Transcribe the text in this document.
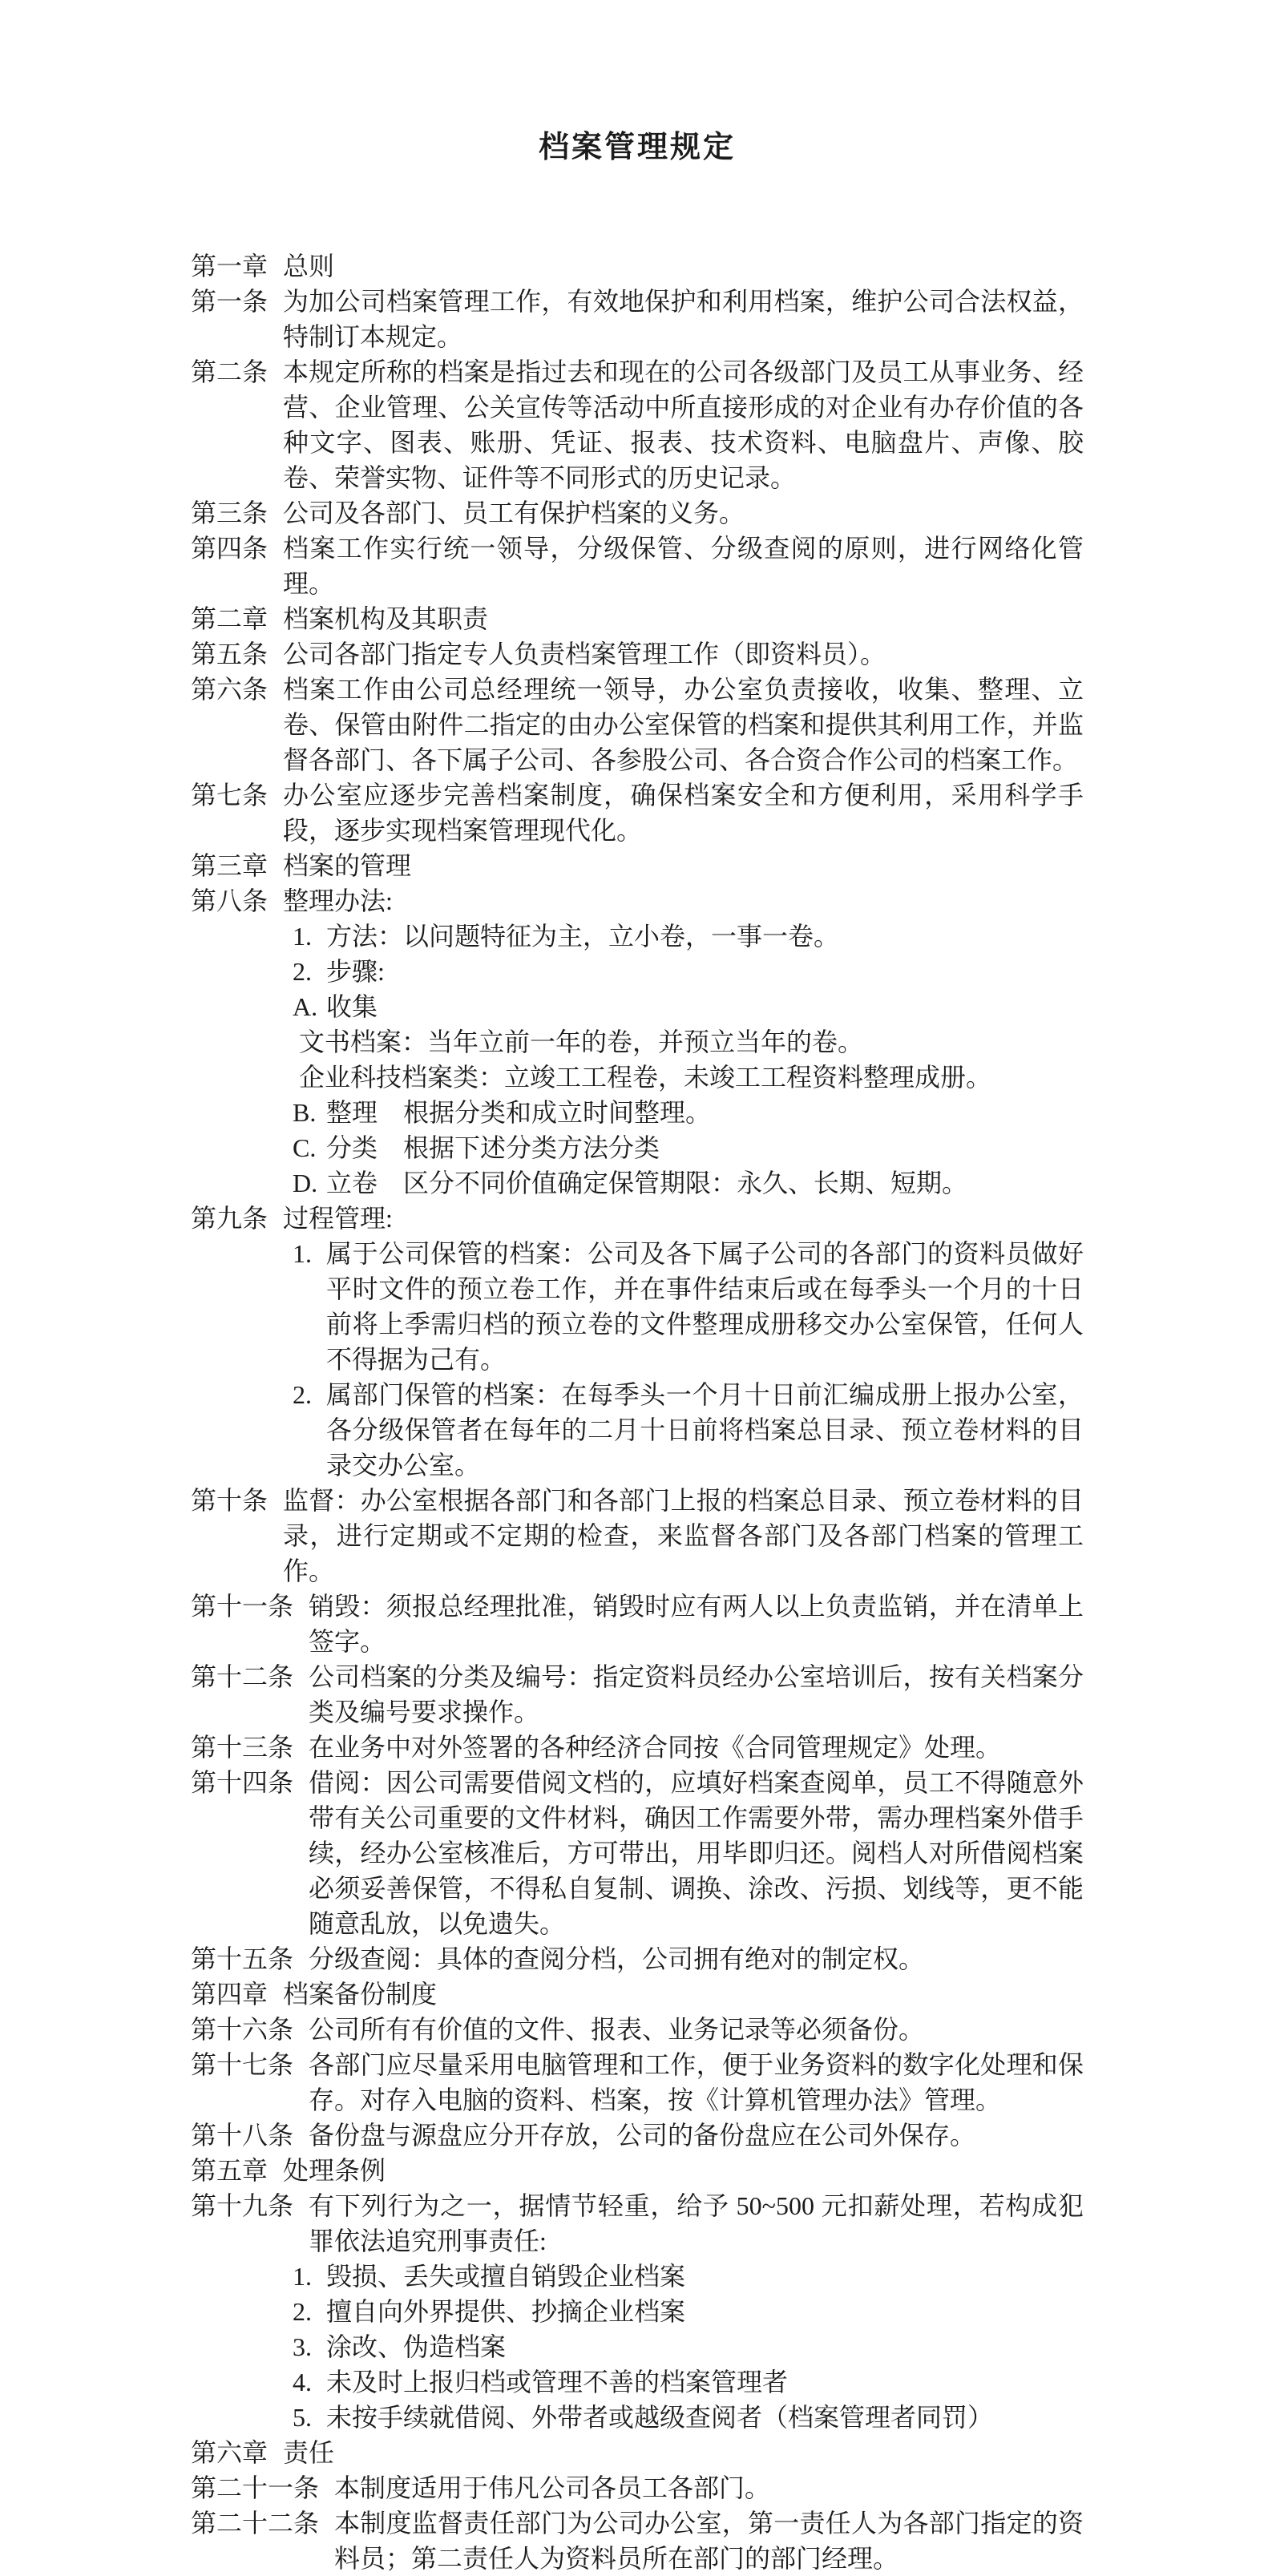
档案管理规定
第一章 总则
第一条 为加公司档案管理工作，有效地保护和利用档案，维护公司合法权益，特制订本规定。
第二条 本规定所称的档案是指过去和现在的公司各级部门及员工从事业务、经营、企业管理、公关宣传等活动中所直接形成的对企业有办存价值的各种文字、图表、账册、凭证、报表、技术资料、电脑盘片、声像、胶卷、荣誉实物、证件等不同形式的历史记录。
第三条 公司及各部门、员工有保护档案的义务。
第四条 档案工作实行统一领导，分级保管、分级查阅的原则，进行网络化管理。
第二章 档案机构及其职责
第五条 公司各部门指定专人负责档案管理工作（即资料员）。
第六条 档案工作由公司总经理统一领导，办公室负责接收，收集、整理、立卷、保管由附件二指定的由办公室保管的档案和提供其利用工作，并监督各部门、各下属子公司、各参股公司、各合资合作公司的档案工作。
第七条 办公室应逐步完善档案制度，确保档案安全和方便利用，采用科学手段，逐步实现档案管理现代化。
第三章 档案的管理
第八条 整理办法:
1. 方法：以问题特征为主，立小卷，一事一卷。
2. 步骤:
A. 收集
文书档案：当年立前一年的卷，并预立当年的卷。
企业科技档案类：立竣工工程卷，未竣工工程资料整理成册。
B. 整理　根据分类和成立时间整理。
C. 分类　根据下述分类方法分类
D. 立卷　区分不同价值确定保管期限：永久、长期、短期。
第九条 过程管理:
1. 属于公司保管的档案：公司及各下属子公司的各部门的资料员做好平时文件的预立卷工作，并在事件结束后或在每季头一个月的十日前将上季需归档的预立卷的文件整理成册移交办公室保管，任何人不得据为己有。
2. 属部门保管的档案：在每季头一个月十日前汇编成册上报办公室，各分级保管者在每年的二月十日前将档案总目录、预立卷材料的目录交办公室。
第十条 监督：办公室根据各部门和各部门上报的档案总目录、预立卷材料的目录，进行定期或不定期的检查，来监督各部门及各部门档案的管理工作。
第十一条 销毁：须报总经理批准，销毁时应有两人以上负责监销，并在清单上签字。
第十二条 公司档案的分类及编号：指定资料员经办公室培训后，按有关档案分类及编号要求操作。
第十三条 在业务中对外签署的各种经济合同按《合同管理规定》处理。
第十四条 借阅：因公司需要借阅文档的，应填好档案查阅单，员工不得随意外带有关公司重要的文件材料，确因工作需要外带，需办理档案外借手续，经办公室核准后，方可带出，用毕即归还。阅档人对所借阅档案必须妥善保管，不得私自复制、调换、涂改、污损、划线等，更不能随意乱放，以免遗失。
第十五条 分级查阅：具体的查阅分档，公司拥有绝对的制定权。
第四章 档案备份制度
第十六条 公司所有有价值的文件、报表、业务记录等必须备份。
第十七条 各部门应尽量采用电脑管理和工作，便于业务资料的数字化处理和保存。对存入电脑的资料、档案，按《计算机管理办法》管理。
第十八条 备份盘与源盘应分开存放，公司的备份盘应在公司外保存。
第五章 处理条例
第十九条 有下列行为之一，据情节轻重，给予 50~500 元扣薪处理，若构成犯罪依法追究刑事责任:
1. 毁损、丢失或擅自销毁企业档案
2. 擅自向外界提供、抄摘企业档案
3. 涂改、伪造档案
4. 未及时上报归档或管理不善的档案管理者
5. 未按手续就借阅、外带者或越级查阅者（档案管理者同罚）
第六章 责任
第二十一条 本制度适用于伟凡公司各员工各部门。
第二十二条 本制度监督责任部门为公司办公室，第一责任人为各部门指定的资料员；第二责任人为资料员所在部门的部门经理。
